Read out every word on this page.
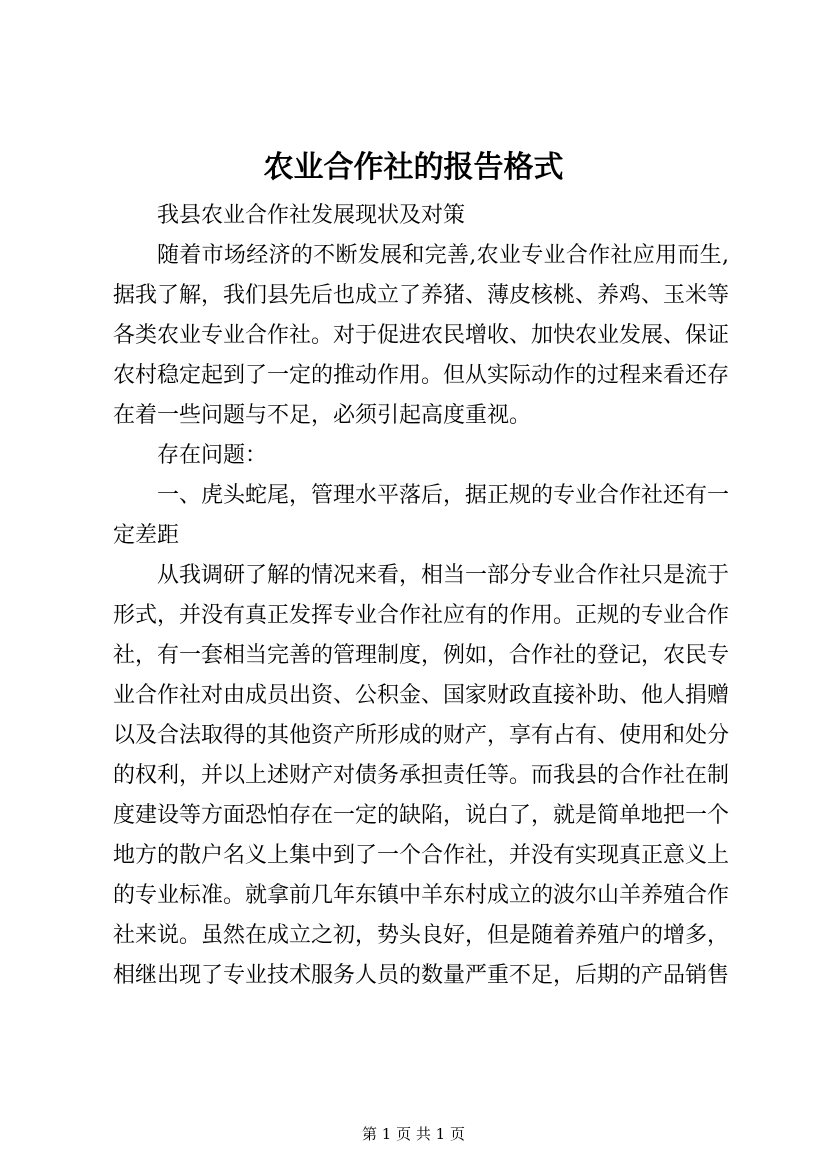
农业合作社的报告格式

我县农业合作社发展现状及对策

随着市场经济的不断发展和完善,农业专业合作社应用而生,据我了解，我们县先后也成立了养猪、薄皮核桃、养鸡、玉米等各类农业专业合作社。对于促进农民增收、加快农业发展、保证农村稳定起到了一定的推动作用。但从实际动作的过程来看还存在着一些问题与不足，必须引起高度重视。

存在问题：

一、虎头蛇尾，管理水平落后，据正规的专业合作社还有一定差距

从我调研了解的情况来看，相当一部分专业合作社只是流于形式，并没有真正发挥专业合作社应有的作用。正规的专业合作社，有一套相当完善的管理制度，例如，合作社的登记，农民专业合作社对由成员出资、公积金、国家财政直接补助、他人捐赠以及合法取得的其他资产所形成的财产，享有占有、使用和处分的权利，并以上述财产对债务承担责任等。而我县的合作社在制度建设等方面恐怕存在一定的缺陷，说白了，就是简单地把一个地方的散户名义上集中到了一个合作社，并没有实现真正意义上的专业标准。就拿前几年东镇中羊东村成立的波尔山羊养殖合作社来说。虽然在成立之初，势头良好，但是随着养殖户的增多，相继出现了专业技术服务人员的数量严重不足，后期的产品销售

第 1 页 共 1 页
